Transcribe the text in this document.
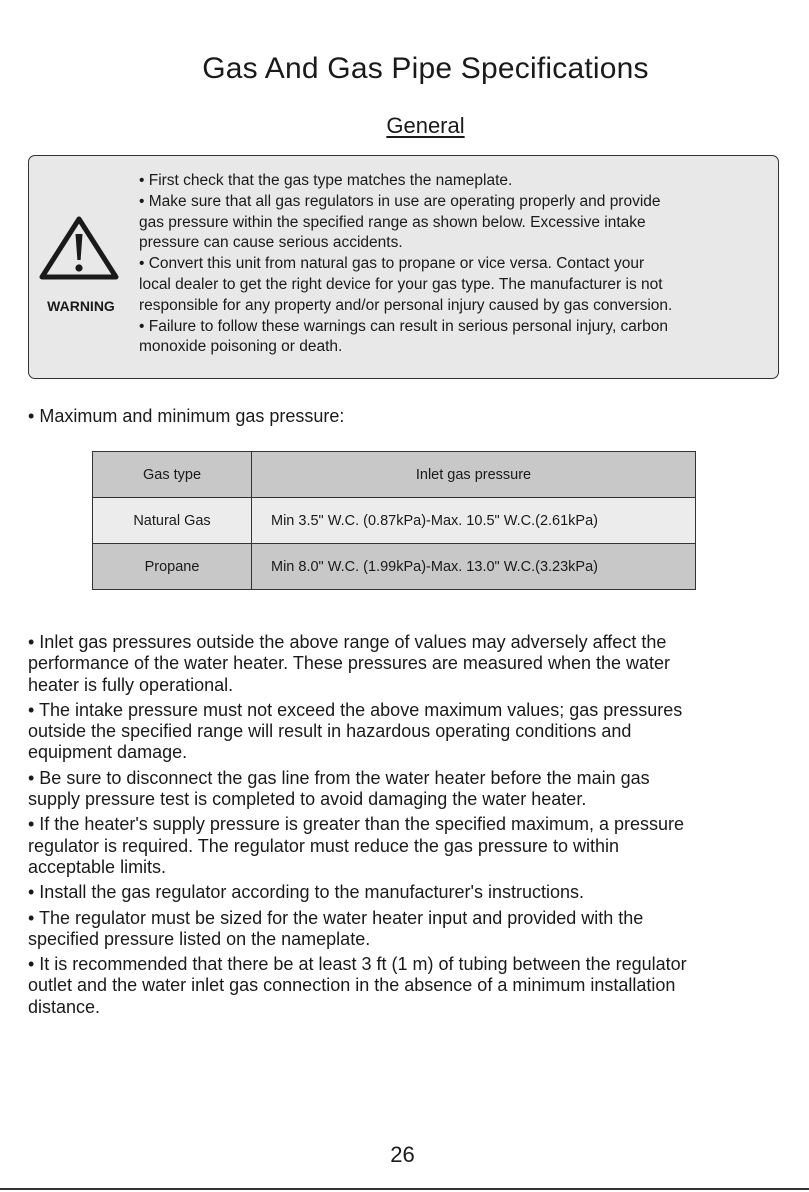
Gas And Gas Pipe Specifications
General
WARNING
• First check that the gas type matches the nameplate.
• Make sure that all gas regulators in use are operating properly and provide
gas pressure within the specified range as shown below. Excessive intake
pressure can cause serious accidents.
• Convert this unit from natural gas to propane or vice versa. Contact your
local dealer to get the right device for your gas type. The manufacturer is not
responsible for any property and/or personal injury caused by gas conversion.
• Failure to follow these warnings can result in serious personal injury, carbon
monoxide poisoning or death.
• Maximum and minimum gas pressure:
Gas type	Inlet gas pressure
Natural Gas	Min 3.5" W.C. (0.87kPa)-Max. 10.5" W.C.(2.61kPa)
Propane	Min 8.0" W.C. (1.99kPa)-Max. 13.0" W.C.(3.23kPa)
• Inlet gas pressures outside the above range of values may adversely affect the
performance of the water heater. These pressures are measured when the water
heater is fully operational.
• The intake pressure must not exceed the above maximum values; gas pressures
outside the specified range will result in hazardous operating conditions and
equipment damage.
• Be sure to disconnect the gas line from the water heater before the main gas
supply pressure test is completed to avoid damaging the water heater.
• If the heater's supply pressure is greater than the specified maximum, a pressure
regulator is required. The regulator must reduce the gas pressure to within
acceptable limits.
• Install the gas regulator according to the manufacturer's instructions.
• The regulator must be sized for the water heater input and provided with the
specified pressure listed on the nameplate.
• It is recommended that there be at least 3 ft (1 m) of tubing between the regulator
outlet and the water inlet gas connection in the absence of a minimum installation
distance.
26
